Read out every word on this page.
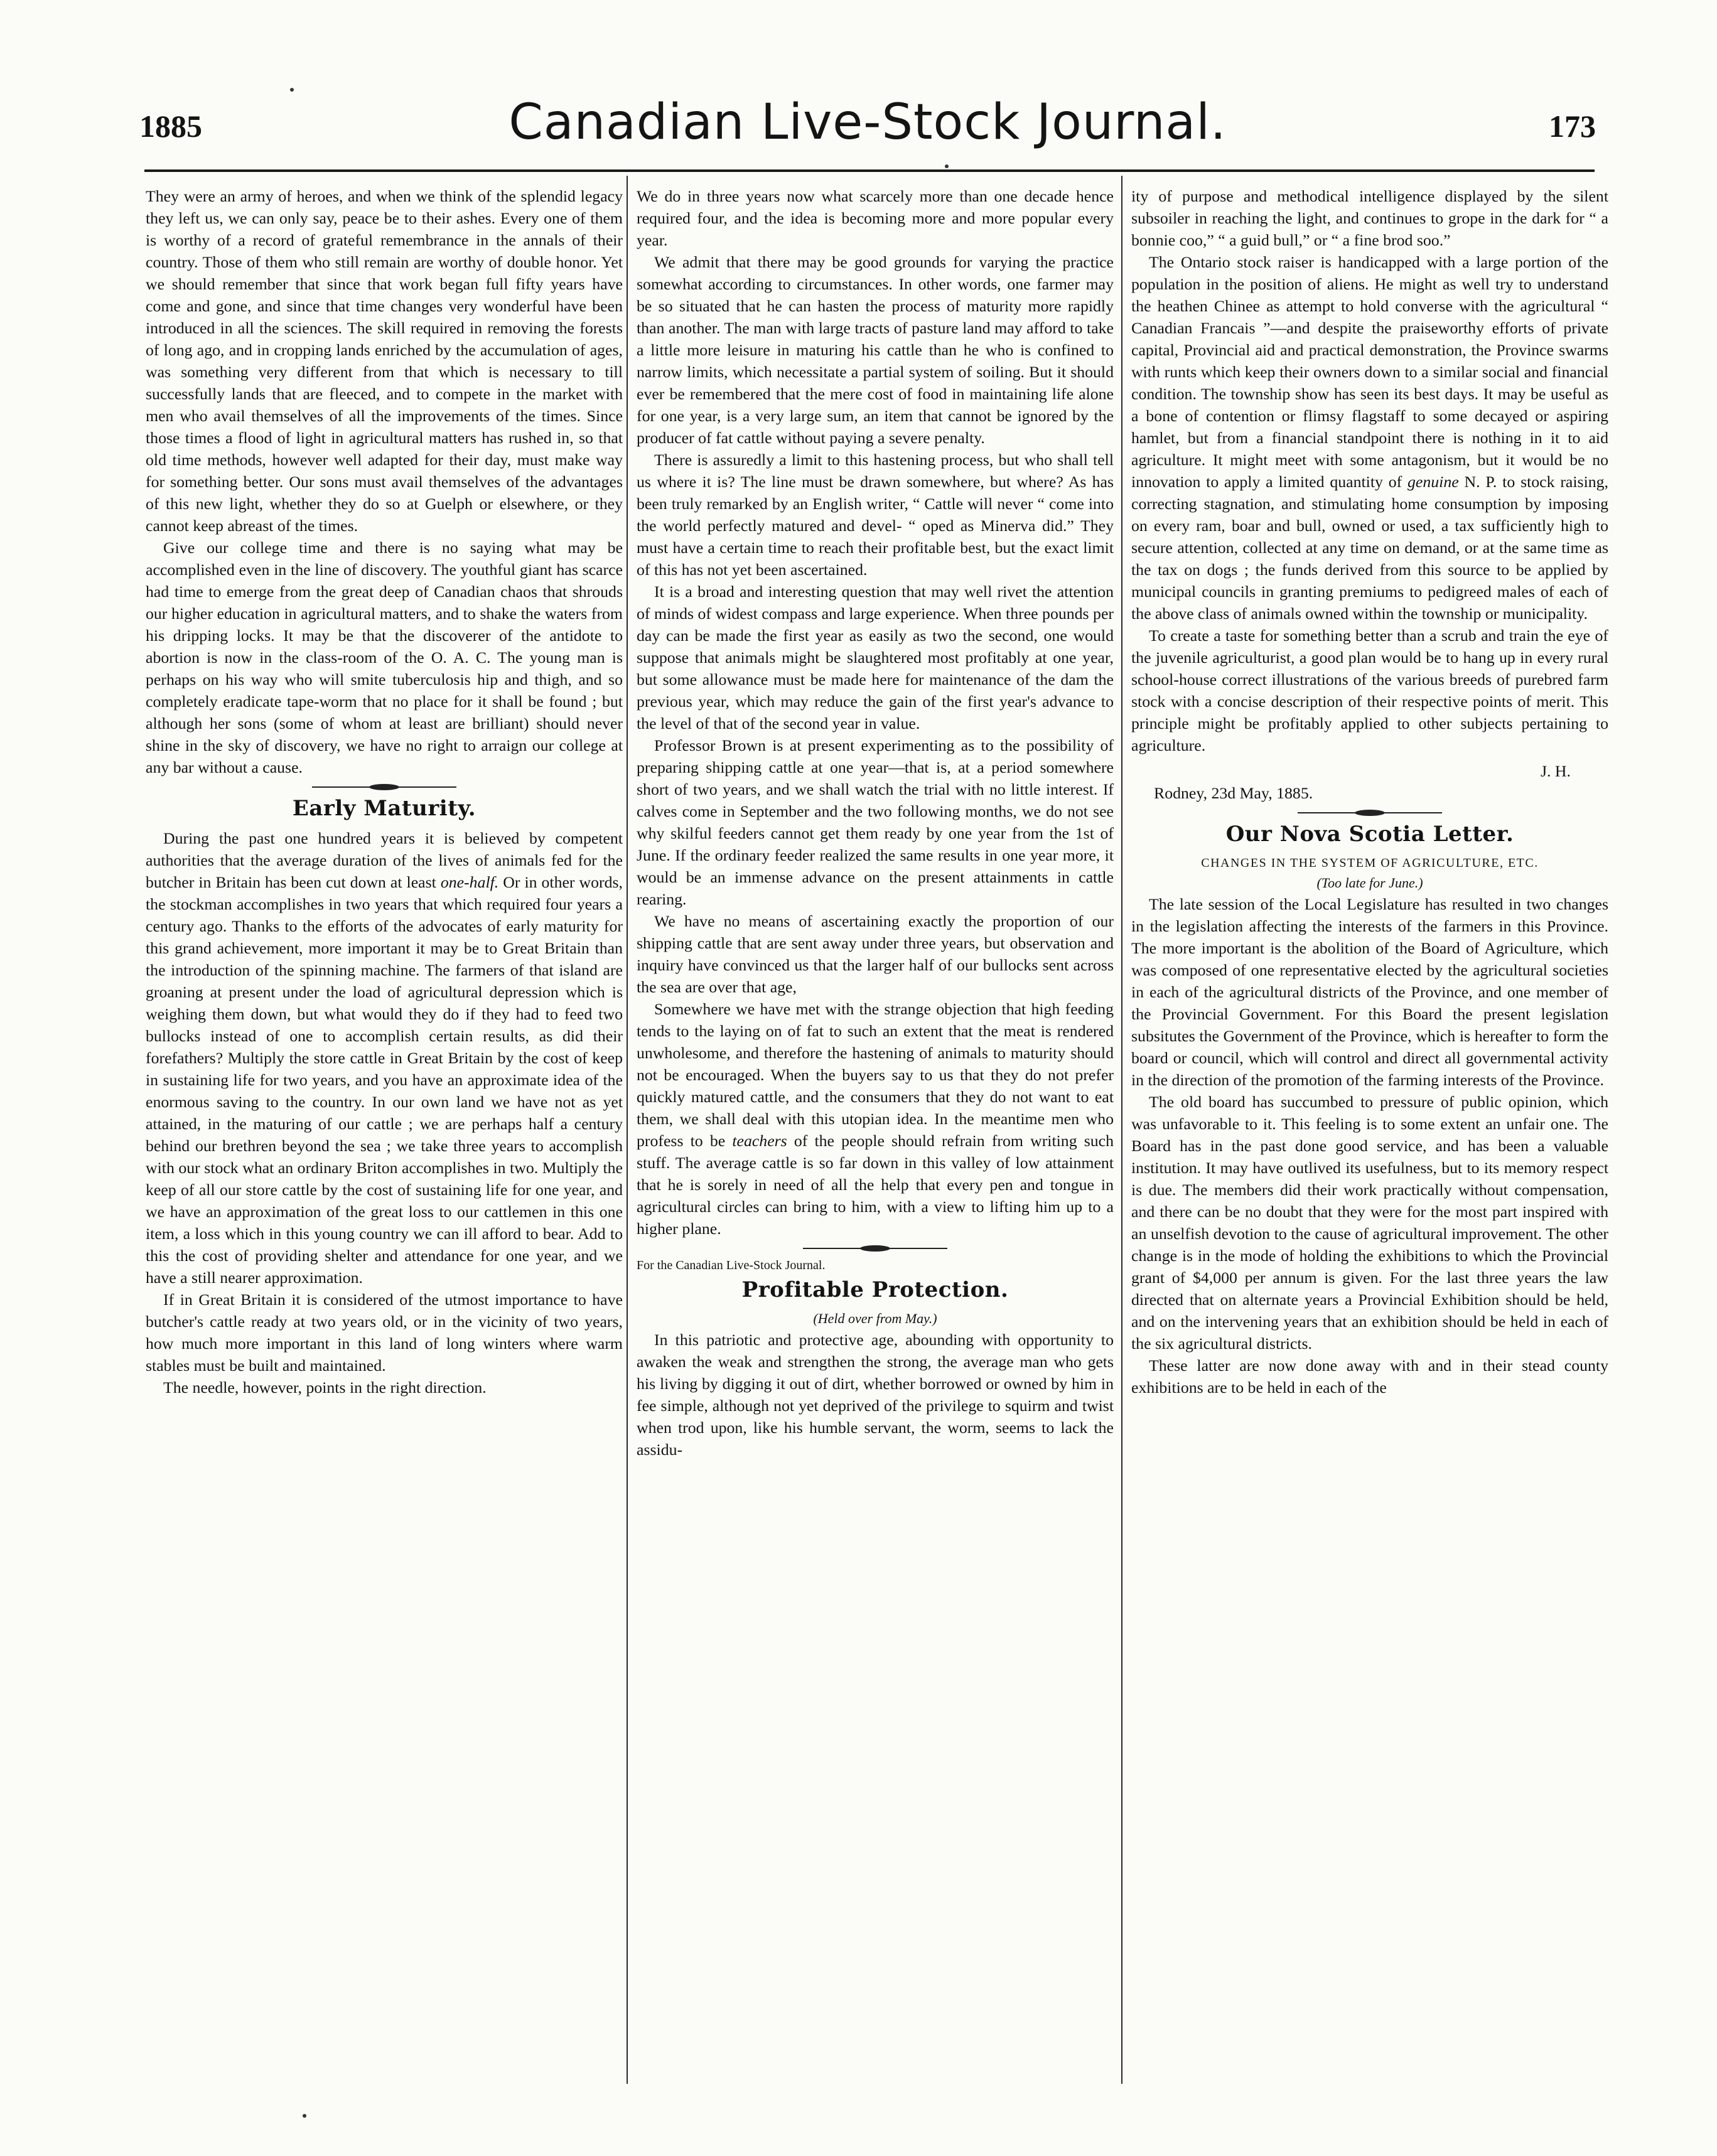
1885	Canadian Live-Stock Journal.	173

They were an army of heroes, and when we think of the splendid legacy they left us, we can only say, peace be to their ashes. Every one of them is worthy of a record of grateful remembrance in the annals of their country. Those of them who still remain are worthy of double honor. Yet we should remember that since that work began full fifty years have come and gone, and since that time changes very wonderful have been introduced in all the sciences. The skill required in removing the forests of long ago, and in cropping lands enriched by the accumulation of ages, was something very different from that which is necessary to till successfully lands that are fleeced, and to compete in the market with men who avail themselves of all the improvements of the times. Since those times a flood of light in agricultural matters has rushed in, so that old time methods, however well adapted for their day, must make way for something better. Our sons must avail themselves of the advantages of this new light, whether they do so at Guelph or elsewhere, or they cannot keep abreast of the times.

Give our college time and there is no saying what may be accomplished even in the line of discovery. The youthful giant has scarce had time to emerge from the great deep of Canadian chaos that shrouds our higher education in agricultural matters, and to shake the waters from his dripping locks. It may be that the discoverer of the antidote to abortion is now in the class-room of the O. A. C. The young man is perhaps on his way who will smite tuberculosis hip and thigh, and so completely eradicate tape-worm that no place for it shall be found ; but although her sons (some of whom at least are brilliant) should never shine in the sky of discovery, we have no right to arraign our college at any bar without a cause.

Early Maturity.

During the past one hundred years it is believed by competent authorities that the average duration of the lives of animals fed for the butcher in Britain has been cut down at least one-half. Or in other words, the stockman accomplishes in two years that which required four years a century ago. Thanks to the efforts of the advocates of early maturity for this grand achievement, more important it may be to Great Britain than the introduction of the spinning machine. The farmers of that island are groaning at present under the load of agricultural depression which is weighing them down, but what would they do if they had to feed two bullocks instead of one to accomplish certain results, as did their forefathers? Multiply the store cattle in Great Britain by the cost of keep in sustaining life for two years, and you have an approximate idea of the enormous saving to the country. In our own land we have not as yet attained, in the maturing of our cattle ; we are perhaps half a century behind our brethren beyond the sea ; we take three years to accomplish with our stock what an ordinary Briton accomplishes in two. Multiply the keep of all our store cattle by the cost of sustaining life for one year, and we have an approximation of the great loss to our cattlemen in this one item, a loss which in this young country we can ill afford to bear. Add to this the cost of providing shelter and attendance for one year, and we have a still nearer approximation.

If in Great Britain it is considered of the utmost importance to have butcher's cattle ready at two years old, or in the vicinity of two years, how much more important in this land of long winters where warm stables must be built and maintained.

The needle, however, points in the right direction.

We do in three years now what scarcely more than one decade hence required four, and the idea is becoming more and more popular every year.

We admit that there may be good grounds for varying the practice somewhat according to circumstances. In other words, one farmer may be so situated that he can hasten the process of maturity more rapidly than another. The man with large tracts of pasture land may afford to take a little more leisure in maturing his cattle than he who is confined to narrow limits, which necessitate a partial system of soiling. But it should ever be remembered that the mere cost of food in maintaining life alone for one year, is a very large sum, an item that cannot be ignored by the producer of fat cattle without paying a severe penalty.

There is assuredly a limit to this hastening process, but who shall tell us where it is? The line must be drawn somewhere, but where? As has been truly remarked by an English writer, “ Cattle will never “ come into the world perfectly matured and devel- “ oped as Minerva did.” They must have a certain time to reach their profitable best, but the exact limit of this has not yet been ascertained.

It is a broad and interesting question that may well rivet the attention of minds of widest compass and large experience. When three pounds per day can be made the first year as easily as two the second, one would suppose that animals might be slaughtered most profitably at one year, but some allowance must be made here for maintenance of the dam the previous year, which may reduce the gain of the first year's advance to the level of that of the second year in value.

Professor Brown is at present experimenting as to the possibility of preparing shipping cattle at one year—that is, at a period somewhere short of two years, and we shall watch the trial with no little interest. If calves come in September and the two following months, we do not see why skilful feeders cannot get them ready by one year from the 1st of June. If the ordinary feeder realized the same results in one year more, it would be an immense advance on the present attainments in cattle rearing.

We have no means of ascertaining exactly the proportion of our shipping cattle that are sent away under three years, but observation and inquiry have convinced us that the larger half of our bullocks sent across the sea are over that age,

Somewhere we have met with the strange objection that high feeding tends to the laying on of fat to such an extent that the meat is rendered unwholesome, and therefore the hastening of animals to maturity should not be encouraged. When the buyers say to us that they do not prefer quickly matured cattle, and the consumers that they do not want to eat them, we shall deal with this utopian idea. In the meantime men who profess to be teachers of the people should refrain from writing such stuff. The average cattle is so far down in this valley of low attainment that he is sorely in need of all the help that every pen and tongue in agricultural circles can bring to him, with a view to lifting him up to a higher plane.

For the Canadian Live-Stock Journal.
Profitable Protection.
(Held over from May.)

In this patriotic and protective age, abounding with opportunity to awaken the weak and strengthen the strong, the average man who gets his living by digging it out of dirt, whether borrowed or owned by him in fee simple, although not yet deprived of the privilege to squirm and twist when trod upon, like his humble servant, the worm, seems to lack the assidu-

ity of purpose and methodical intelligence displayed by the silent subsoiler in reaching the light, and continues to grope in the dark for “ a bonnie coo,” “ a guid bull,” or “ a fine brod soo.”

The Ontario stock raiser is handicapped with a large portion of the population in the position of aliens. He might as well try to understand the heathen Chinee as attempt to hold converse with the agricultural “ Canadian Francais ”—and despite the praiseworthy efforts of private capital, Provincial aid and practical demonstration, the Province swarms with runts which keep their owners down to a similar social and financial condition. The township show has seen its best days. It may be useful as a bone of contention or flimsy flagstaff to some decayed or aspiring hamlet, but from a financial standpoint there is nothing in it to aid agriculture. It might meet with some antagonism, but it would be no innovation to apply a limited quantity of genuine N. P. to stock raising, correcting stagnation, and stimulating home consumption by imposing on every ram, boar and bull, owned or used, a tax sufficiently high to secure attention, collected at any time on demand, or at the same time as the tax on dogs ; the funds derived from this source to be applied by municipal councils in granting premiums to pedigreed males of each of the above class of animals owned within the township or municipality.

To create a taste for something better than a scrub and train the eye of the juvenile agriculturist, a good plan would be to hang up in every rural school-house correct illustrations of the various breeds of purebred farm stock with a concise description of their respective points of merit. This principle might be profitably applied to other subjects pertaining to agriculture.

J. H.
Rodney, 23d May, 1885.
Our Nova Scotia Letter.
CHANGES IN THE SYSTEM OF AGRICULTURE, ETC.
(Too late for June.)

The late session of the Local Legislature has resulted in two changes in the legislation affecting the interests of the farmers in this Province. The more important is the abolition of the Board of Agriculture, which was composed of one representative elected by the agricultural societies in each of the agricultural districts of the Province, and one member of the Provincial Government. For this Board the present legislation subsitutes the Government of the Province, which is hereafter to form the board or council, which will control and direct all governmental activity in the direction of the promotion of the farming interests of the Province.

The old board has succumbed to pressure of public opinion, which was unfavorable to it. This feeling is to some extent an unfair one. The Board has in the past done good service, and has been a valuable institution. It may have outlived its usefulness, but to its memory respect is due. The members did their work practically without compensation, and there can be no doubt that they were for the most part inspired with an unselfish devotion to the cause of agricultural improvement. The other change is in the mode of holding the exhibitions to which the Provincial grant of $4,000 per annum is given. For the last three years the law directed that on alternate years a Provincial Exhibition should be held, and on the intervening years that an exhibition should be held in each of the six agricultural districts.

These latter are now done away with and in their stead county exhibitions are to be held in each of the
